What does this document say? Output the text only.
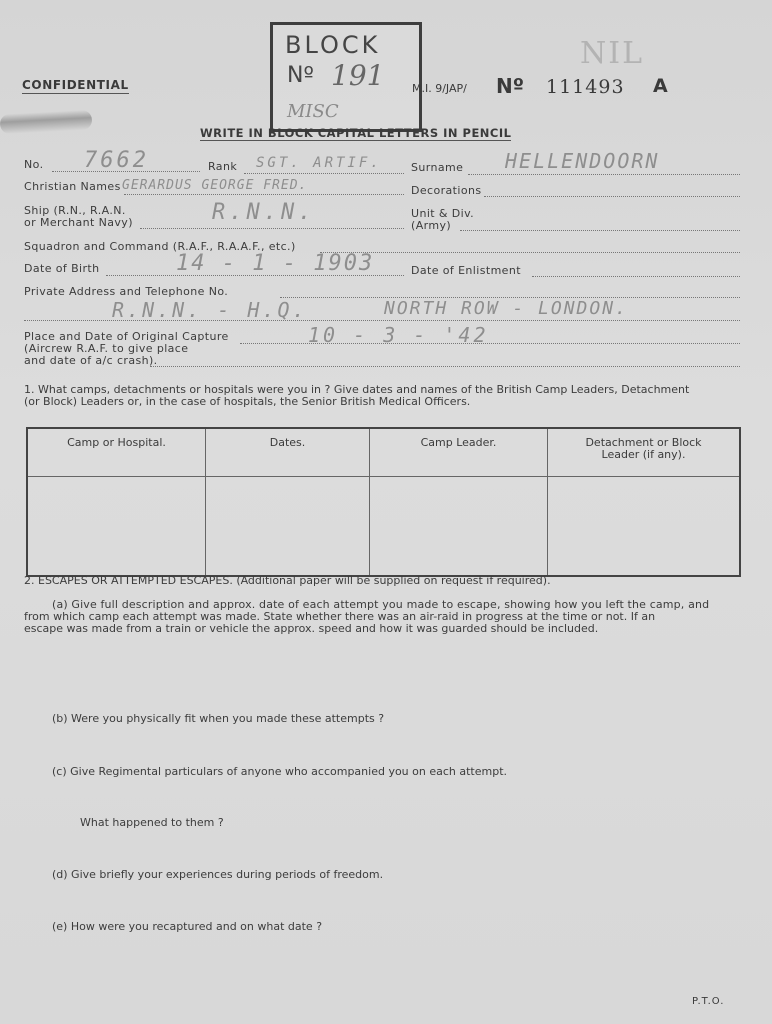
NIL
BLOCK
Nº 191
MISC
CONFIDENTIAL	M.I. 9/JAP/ Nº 111493 A
WRITE IN BLOCK CAPITAL LETTERS IN PENCIL
No. 7662	Rank SGT. ARTIF.	Surname HELLENDOORN
Christian Names GERARDUS GEORGE FRED.	Decorations
Ship (R.N., R.A.N.
or Merchant Navy)	R.N.N.	Unit & Div.
(Army)
Squadron and Command (R.A.F., R.A.A.F., etc.)
Date of Birth	14 - 1 - 1903	Date of Enlistment
Private Address and Telephone No.
R.N.N. - H.Q.	NORTH ROW - LONDON.
Place and Date of Original Capture
(Aircrew R.A.F. to give place
and date of a/c crash).
10 - 3 - '42
1. What camps, detachments or hospitals were you in ? Give dates and names of the British Camp Leaders, Detachment
(or Block) Leaders or, in the case of hospitals, the Senior British Medical Officers.
Camp or Hospital.	Dates.	Camp Leader.	Detachment or Block Leader (if any).

2. ESCAPES OR ATTEMPTED ESCAPES. (Additional paper will be supplied on request if required).
(a) Give full description and approx. date of each attempt you made to escape, showing how you left the camp, and
from which camp each attempt was made. State whether there was an air-raid in progress at the time or not. If an
escape was made from a train or vehicle the approx. speed and how it was guarded should be included.
(b) Were you physically fit when you made these attempts ?
(c) Give Regimental particulars of anyone who accompanied you on each attempt.
What happened to them ?
(d) Give briefly your experiences during periods of freedom.
(e) How were you recaptured and on what date ?
P.T.O.
